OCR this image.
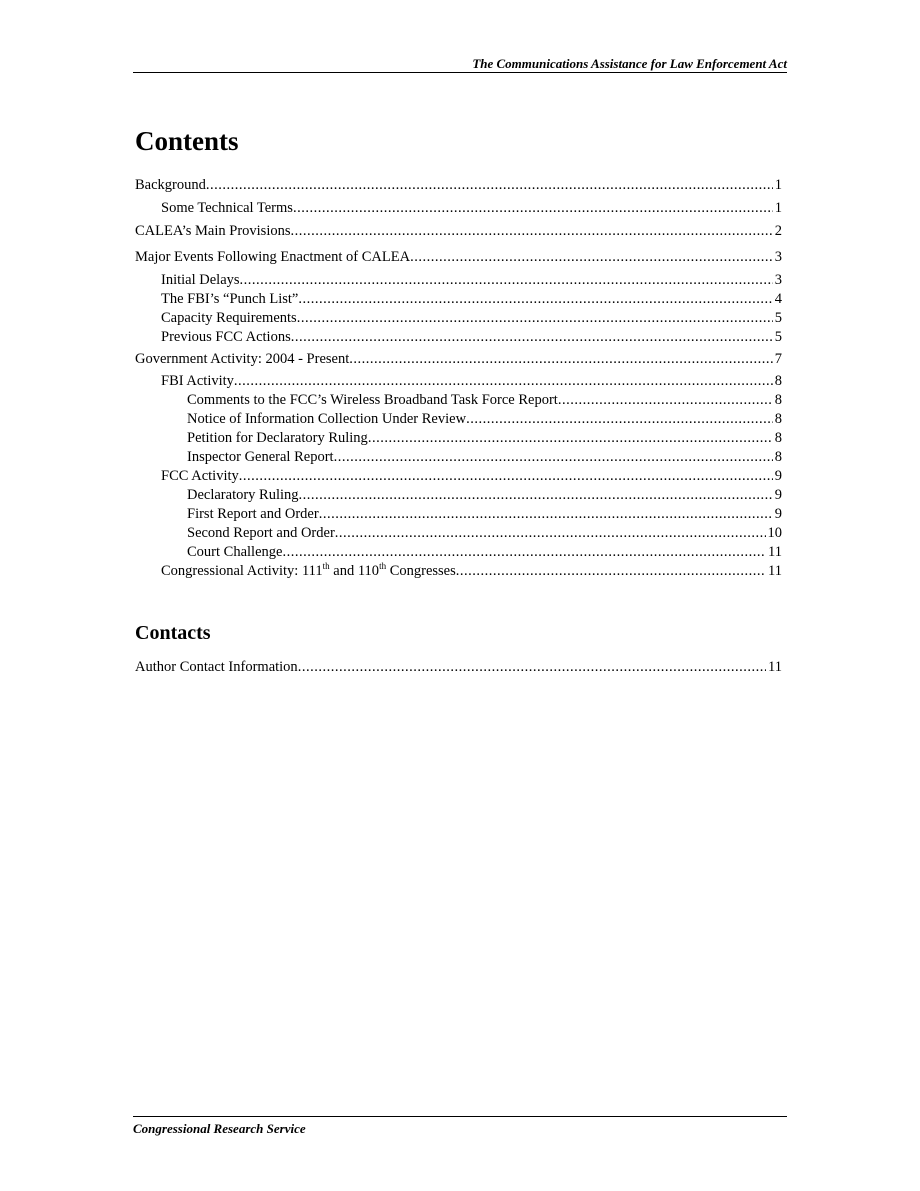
The Communications Assistance for Law Enforcement Act
Contents
Background .....	1
Some Technical Terms .....	1
CALEA’s Main Provisions .....	2
Major Events Following Enactment of CALEA .....	3
Initial Delays .....	3
The FBI’s “Punch List” .....	4
Capacity Requirements .....	5
Previous FCC Actions .....	5
Government Activity: 2004 - Present .....	7
FBI Activity .....	8
Comments to the FCC’s Wireless Broadband Task Force Report .....	8
Notice of Information Collection Under Review .....	8
Petition for Declaratory Ruling .....	8
Inspector General Report .....	8
FCC Activity .....	9
Declaratory Ruling .....	9
First Report and Order .....	9
Second Report and Order .....	10
Court Challenge .....	11
Congressional Activity: 111th and 110th Congresses .....	11
Contacts
Author Contact Information .....	11
Congressional Research Service
